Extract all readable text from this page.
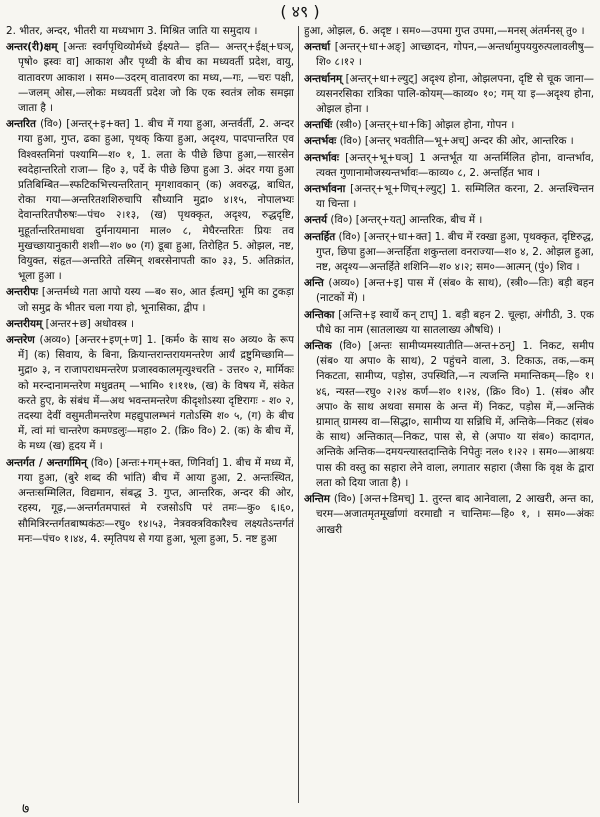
( ४९ )

2. भीतर, अन्दर, भीतरी या मध्यभाग 3. मिश्रित जाति या समुदाय ।

अन्तर(री)क्षम् [अन्तः स्वर्गपृथिव्योर्मध्ये ईक्ष्यते— इति— अन्तर्+ईक्ष्+घञ्, पृषो० ह्रस्वः वा] आकाश और पृथ्वी के बीच का मध्यवर्ती प्रदेश, वायु, वातावरण आकाश । सम०—उदरम् वातावरण का मध्य,—गः, —चरः पक्षी, —जलम् ओस,—लोकः मध्यवर्ती प्रदेश जो कि एक स्वतंत्र लोक समझा जाता है ।

अन्तरित (वि०) [अन्तर्+इ+क्त] 1. बीच में गया हुआ, अन्तर्वर्ती, 2. अन्दर गया हुआ, गुप्त, ढका हुआ, पृथक् किया हुआ, अदृश्य, पादपान्तरित एव विश्वस्तमिनां पश्यामि—श० १, 1. लता के पीछे छिपा हुआ,—सारसेन स्वदेहान्तरितो राजा— हि० ३, पर्दे के पीछे छिपा हुआ 3. अंदर गया हुआ प्रतिबिम्बित—स्फटिकभित्त्यन्तरितान् मृगशावकान् (क) अवरुद्ध, बाधित, रोका गया—अन्तरितशशिरुचापि सौध्यानि मुद्रा० ४।१५, नोपालभ्यः देवान्तरितपौरुषः—पंच० २।१३, (ख) पृथक्कृत, अदृश्य, रुद्धदृष्टि, मुहूर्तान्तरितमाधवा दुर्मनायमाना माल० ८, मेघैरन्तरितः प्रियः तव मुखच्छायानुकारी शशी—श० ७० (ग) डूबा हुआ, तिरोहित 5. ओझल, नष्ट, वियुक्त, संहृत—अन्तरिते तस्मिन् शबरसेनापती का० ३३, 5. अतिक्रांत, भूला हुआ ।

अन्तरीपः [अन्तर्मध्ये गता आपो यस्य —ब० स०, आत ईत्वम्] भूमि का टुकड़ा जो समुद्र के भीतर चला गया हो, भूनासिका, द्वीप ।

अन्तरीयम् [अन्तर+छ] अधोवस्त्र ।

अन्तरेण (अव्य०) [अन्तर+इण्+ण] 1. [कर्म० के साथ स० अव्य० के रूप में] (क) सिवाय, के बिना, क्रियान्तरान्तरायमन्तरेण आर्यं द्रष्टुमिच्छामि—मुद्रा० ३, न राजापराधमन्तरेण प्रजास्वकालमृत्युश्चरति ‐ उत्तर० २, मार्मिकः को मरन्दानामन्तरेण मधुव्रतम् —भामि० १।११७, (ख) के विषय में, संकेत करते हुए, के संबंध में—अथ भवन्तमन्तरेण कीदृशोऽस्या दृष्टिरागः ‐ श० २, तदस्या देवीं वसुमतीमन्तरेण महद्युपालम्भनं गतोऽस्मि श० ५, (ग) के बीच में, त्वां मां चान्तरेण कमण्डलुः—महा० 2. (क्रि० वि०) 2. (क) के बीच में, के मध्य (ख) हृदय में ।

अन्तर्गत / अन्तर्गामिन् (वि०) [अन्तः+गम्+क्त, णिनिर्वा] 1. बीच में मध्य में, गया हुआ, (बुरे शब्द की भांति) बीच में आया हुआ, 2. अन्तःस्थित, अन्तःसम्मिलित, विद्यमान, संबद्ध 3. गुप्त, आन्तरिक, अन्दर की ओर, रहस्य, गूढ़,—अन्तर्गतमपास्तं मे रजसोऽपि परं तमः—कु० ६।६०, सौमित्रिरन्तर्गतबाष्पकंठः—रघु० १४।५३, नेत्रवक्त्रविकारैश्च लक्ष्यतेऽन्तर्गतं मनः—पंच० १।४४, 4. स्मृतिपथ से गया हुआ, भूला हुआ, 5. नष्ट हुआ

हुआ, ओझल, 6. अदृष्ट । सम०—उपमा गुप्त उपमा,—मनस् अंतर्मनस् तु० ।

अन्तर्धा [अन्तर्+धा+अङ्] आच्छादन, गोपन,—अन्तर्धामुपययुरुत्पलावलीषु—शि० ८।१२ ।

अन्तर्धानम् [अन्तर्+धा+ल्युट्] अदृश्य होना, ओझलपना, दृष्टि से चूक जाना—व्यसनरसिका रात्रिका पालि-कोयम्—काव्य० १०; गम् या इ—अदृश्य होना, ओझल होना ।

अन्तर्धिः (स्त्री०) [अन्तर्+धा+कि] ओझल होना, गोपन ।

अन्तर्भवः (वि०) [अन्तर् भवतीति—भू+अच्] अन्दर की ओर, आन्तरिक ।

अन्तर्भावः [अन्तर्+भू+घञ्] 1 अन्तर्भूत या अन्तर्मिलित होना, वान्तर्भाव, त्यक्त गुणानामोजस्यन्तर्भावः—काव्य० ८, 2. अन्तर्हित भाव ।

अन्तर्भावना [अन्तर्+भू+णिच्+ल्युट्] 1. सम्मिलित करना, 2. अन्तश्चिन्तन या चिन्ता ।

अन्तर्य (वि०) [अन्तर्+यत्] आन्तरिक, बीच में ।

अन्तर्हित (वि०) [अन्तर्+धा+क्त] 1. बीच में रक्खा हुआ, पृथक्कृत, दृष्टिरुद्ध, गुप्त, छिपा हुआ—अन्तर्हिता शकुन्तला वनराज्या—श० ४, 2. ओझल हुआ, नष्ट, अदृश्य—अन्तर्हिते शशिनि—श० ४।२; सम०—आत्मन् (पुं०) शिव ।

अन्ति (अव्य०) [अन्त+इ] पास में (संब० के साथ), (स्त्री०—तिः) बड़ी बहन (नाटकों में) ।

अन्तिका [अन्ति+इ स्वार्थे कन् टाप्] 1. बड़ी बहन 2. चूल्हा, अंगीठी, 3. एक पौधे का नाम (सातलाख्य या सातलाख्य औषधि) ।

अन्तिक (वि०) [अन्तः सामीप्यमस्यातीति—अन्त+ठन्] 1. निकट, समीप (संब० या अपा० के साथ), 2 पहुंचने वाला, 3. टिकाऊ, तक,—कम् निकटता, सामीप्य, पड़ोस, उपस्थिति,—न त्यजन्ति ममान्तिकम्—हि० १।४६, न्यस्त—रघु० २।२४ कर्ण—श० १।२४, (क्रि० वि०) 1. (संब० और अपा० के साथ अथवा समास के अन्त में) निकट, पड़ोस में,—अन्तिकं ग्रामात् ग्रामस्य वा—सिद्धा०, सामीप्य या सन्निधि में, अन्तिके—निकट (संब० के साथ) अन्तिकात्—निकट, पास से, से (अपा० या संब०) कादागत, अन्तिके अन्तिक—दमयन्त्यास्तदान्तिके निपेतुः नल० १।२२ । सम०—आश्रयः पास की वस्तु का सहारा लेने वाला, लगातार सहारा (जैसा कि वृक्ष के द्वारा लता को दिया जाता है) ।

अन्तिम (वि०) [अन्त+डिमच्] 1. तुरन्त बाद आनेवाला, 2 आखरी, अन्त का, चरम—अजातमृतमूर्खाणां वरमाद्यौ न चान्तिमः—हि० १, । सम०—अंकः आखरी

७
